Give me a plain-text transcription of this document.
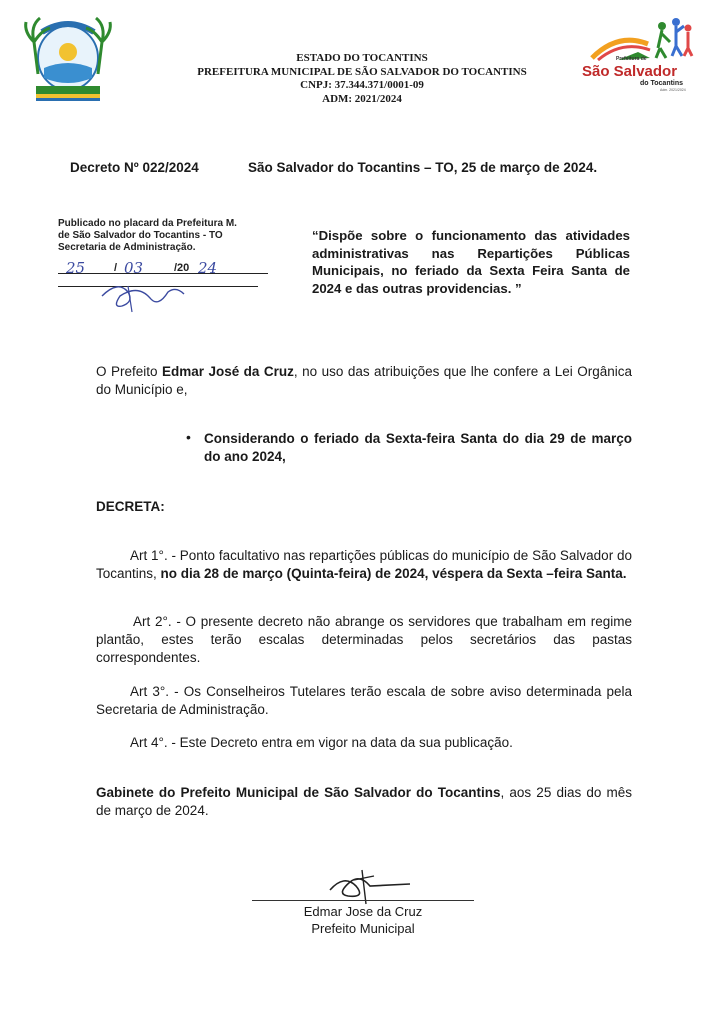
ESTADO DO TOCANTINS
PREFEITURA MUNICIPAL DE SÃO SALVADOR DO TOCANTINS
CNPJ: 37.344.371/0001-09
ADM: 2021/2024
Prefeitura de
São Salvador
do Tocantins
Adm. 2021/2024
Decreto Nº 022/2024	São Salvador do Tocantins – TO, 25 de março de 2024.
Publicado no placard da Prefeitura M.
de São Salvador do Tocantins - TO
Secretaria de Administração.
25	/ 03	/20 24
“Dispõe sobre o funcionamento das atividades administrativas nas Repartições Públicas Municipais, no feriado da Sexta Feira Santa de 2024 e das outras providencias. ”
O Prefeito Edmar José da Cruz, no uso das atribuições que lhe confere a Lei Orgânica do Município e,
• Considerando o feriado da Sexta-feira Santa do dia 29 de março do ano 2024,
DECRETA:
Art 1°. - Ponto facultativo nas repartições públicas do município de São Salvador do Tocantins, no dia 28 de março (Quinta-feira) de 2024, véspera da Sexta –feira Santa.
Art 2°. - O presente decreto não abrange os servidores que trabalham em regime plantão, estes terão escalas determinadas pelos secretários das pastas correspondentes.
Art 3°. - Os Conselheiros Tutelares terão escala de sobre aviso determinada pela Secretaria de Administração.
Art 4°. - Este Decreto entra em vigor na data da sua publicação.
Gabinete do Prefeito Municipal de São Salvador do Tocantins, aos 25 dias do mês de março de 2024.
Edmar Jose da Cruz
Prefeito Municipal
